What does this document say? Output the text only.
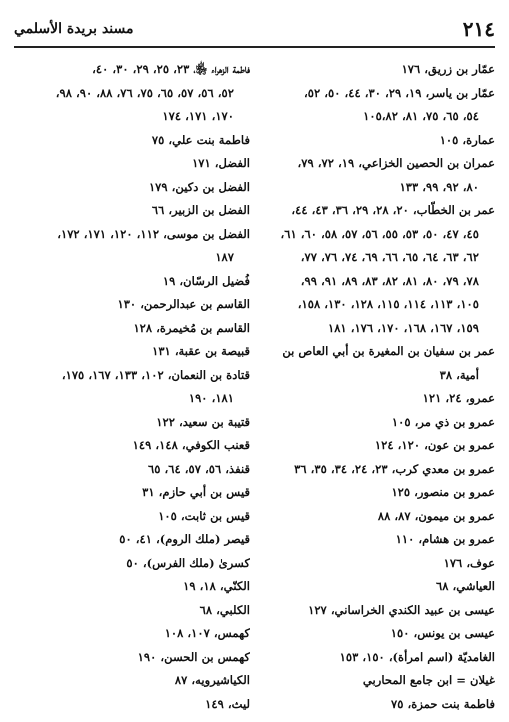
٢١٤
مسند بريدة الأسلمي
عمّار بن زريق، ١٧٦
عمّار بن ياسر، ١٩، ٢٩، ٣٠، ٤٤، ٥٠، ٥٢،
٥٤، ٦٥، ٧٥، ٨١، ١٠٥،٨٢
عمارة، ١٠٥
عمران بن الحصين الخزاعي، ١٩، ٧٢، ٧٩،
٨٠، ٩٢، ٩٩، ١٣٣
عمر بن الخطّاب، ٢٠، ٢٨، ٢٩، ٣٦، ٤٣، ٤٤،
٤٥، ٤٧، ٥٠، ٥٣، ٥٥، ٥٦، ٥٧، ٥٨، ٦٠، ٦١،
٦٢، ٦٣، ٦٤، ٦٥، ٦٦، ٦٩، ٧٤، ٧٦، ٧٧،
٧٨، ٧٩، ٨٠، ٨١، ٨٢، ٨٣، ٨٩، ٩١، ٩٩،
١٠٥، ١١٣، ١١٤، ١١٥، ١٢٨، ١٣٠، ١٥٨،
١٥٩، ١٦٧، ١٦٨، ١٧٠، ١٧٦، ١٨١
عمر بن سفيان بن المغيرة بن أبي العاص بن
أمية، ٣٨
عمرو، ٢٤، ١٢١
عمرو بن ذي مر، ١٠٥
عمرو بن عون، ١٢٠، ١٢٤
عمرو بن معدي كرب، ٢٣، ٢٤، ٣٤، ٣٥، ٣٦
عمرو بن منصور، ١٢٥
عمرو بن ميمون، ٨٧، ٨٨
عمرو بن هشام، ١١٠
عوف، ١٧٦
العياشي، ٦٨
عيسى بن عبيد الكندي الخراساني، ١٢٧
عيسى بن يونس، ١٥٠
الغامديّة (اسم امرأة)، ١٥٠، ١٥٣
غيلان = ابن جامع المحاربي
فاطمة بنت حمزة، ٧٥
فاطمة الزهراء ﵂، ٢٣، ٢٥، ٢٩، ٣٠، ٤٠،
٥٢، ٥٦، ٥٧، ٦٥، ٧٥، ٧٦، ٨٨، ٩٠، ٩٨،
١٧٠، ١٧١، ١٧٤
فاطمة بنت علي، ٧٥
الفضل، ١٧١
الفضل بن دكين، ١٧٩
الفضل بن الزبير، ٦٦
الفضل بن موسى، ١١٢، ١٢٠، ١٧١، ١٧٢،
١٨٧
فُضيل الرسّان، ١٩
القاسم بن عبدالرحمن، ١٣٠
القاسم بن مُخيمرة، ١٢٨
قبيصة بن عقبة، ١٣١
قتادة بن النعمان، ١٠٢، ١٣٣، ١٦٧، ١٧٥،
١٨١، ١٩٠
قتيبة بن سعيد، ١٢٢
قعنب الكوفي، ١٤٨، ١٤٩
قنفذ، ٥٦، ٥٧، ٦٤، ٦٥
قيس بن أبي حازم، ٣١
قيس بن ثابت، ١٠٥
قيصر (ملك الروم)، ٤١، ٥٠
كسرىٰ (ملك الفرس)، ٥٠
الكنّي، ١٨، ١٩
الكلبي، ٦٨
كهمس، ١٠٧، ١٠٨
كهمس بن الحسن، ١٩٠
الكياشيرويه، ٨٧
ليث، ١٤٩
